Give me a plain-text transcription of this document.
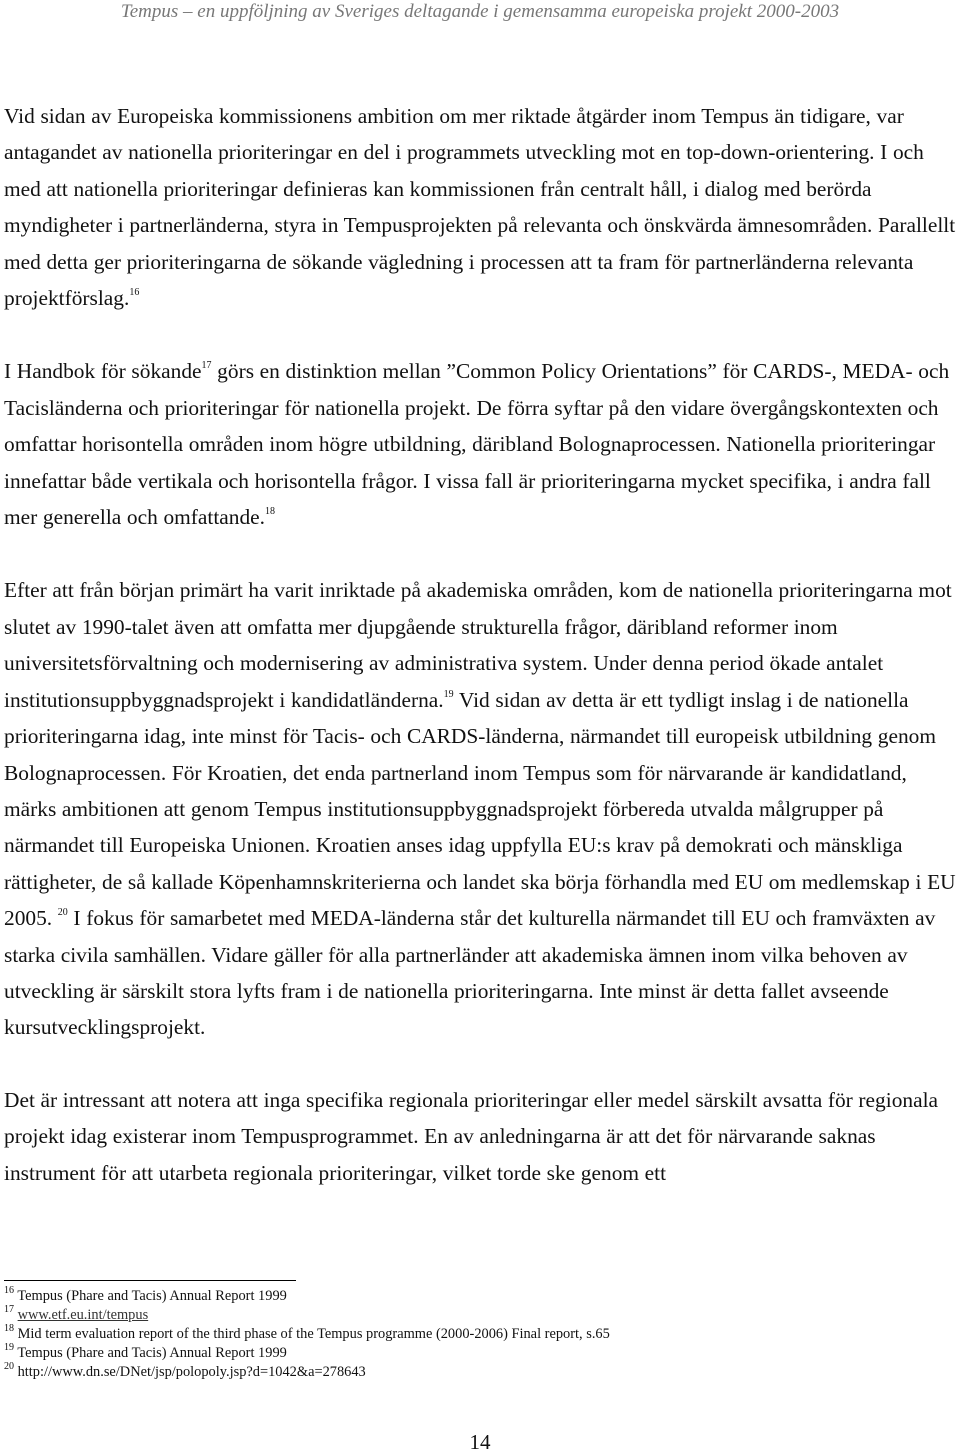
Tempus – en uppföljning av Sveriges deltagande i gemensamma europeiska projekt 2000-2003

Vid sidan av Europeiska kommissionens ambition om mer riktade åtgärder inom Tempus än tidigare, var antagandet av nationella prioriteringar en del i programmets utveckling mot en top-down-orientering. I och med att nationella prioriteringar definieras kan kommissionen från centralt håll, i dialog med berörda myndigheter i partnerländerna, styra in Tempusprojekten på relevanta och önskvärda ämnesområden. Parallellt med detta ger prioriteringarna de sökande vägledning i processen att ta fram för partnerländerna relevanta projektförslag.$^{16}$

I Handbok för sökande$^{17}$ görs en distinktion mellan ”Common Policy Orientations” för CARDS-, MEDA- och Tacisländerna och prioriteringar för nationella projekt. De förra syftar på den vidare övergångskontexten och omfattar horisontella områden inom högre utbildning, däribland Bolognaprocessen. Nationella prioriteringar innefattar både vertikala och horisontella frågor. I vissa fall är prioriteringarna mycket specifika, i andra fall mer generella och omfattande.$^{18}$

Efter att från början primärt ha varit inriktade på akademiska områden, kom de nationella prioriteringarna mot slutet av 1990-talet även att omfatta mer djupgående strukturella frågor, däribland reformer inom universitetsförvaltning och modernisering av administrativa system. Under denna period ökade antalet institutionsuppbyggnadsprojekt i kandidatländerna.$^{19}$ Vid sidan av detta är ett tydligt inslag i de nationella prioriteringarna idag, inte minst för Tacis- och CARDS-länderna, närmandet till europeisk utbildning genom Bolognaprocessen. För Kroatien, det enda partnerland inom Tempus som för närvarande är kandidatland, märks ambitionen att genom Tempus institutionsuppbyggnadsprojekt förbereda utvalda målgrupper på närmandet till Europeiska Unionen. Kroatien anses idag uppfylla EU:s krav på demokrati och mänskliga rättigheter, de så kallade Köpenhamnskriterierna och landet ska börja förhandla med EU om medlemskap i EU 2005. $^{20}$ I fokus för samarbetet med MEDA-länderna står det kulturella närmandet till EU och framväxten av starka civila samhällen. Vidare gäller för alla partnerländer att akademiska ämnen inom vilka behoven av utveckling är särskilt stora lyfts fram i de nationella prioriteringarna. Inte minst är detta fallet avseende kursutvecklingsprojekt.

Det är intressant att notera att inga specifika regionala prioriteringar eller medel särskilt avsatta för regionala projekt idag existerar inom Tempusprogrammet. En av anledningarna är att det för närvarande saknas instrument för att utarbeta regionala prioriteringar, vilket torde ske genom ett

$^{16}$ Tempus (Phare and Tacis) Annual Report 1999
$^{17}$ www.etf.eu.int/tempus
$^{18}$ Mid term evaluation report of the third phase of the Tempus programme (2000-2006) Final report, s.65
$^{19}$ Tempus (Phare and Tacis) Annual Report 1999
$^{20}$ http://www.dn.se/DNet/jsp/polopoly.jsp?d=1042&a=278643
14
